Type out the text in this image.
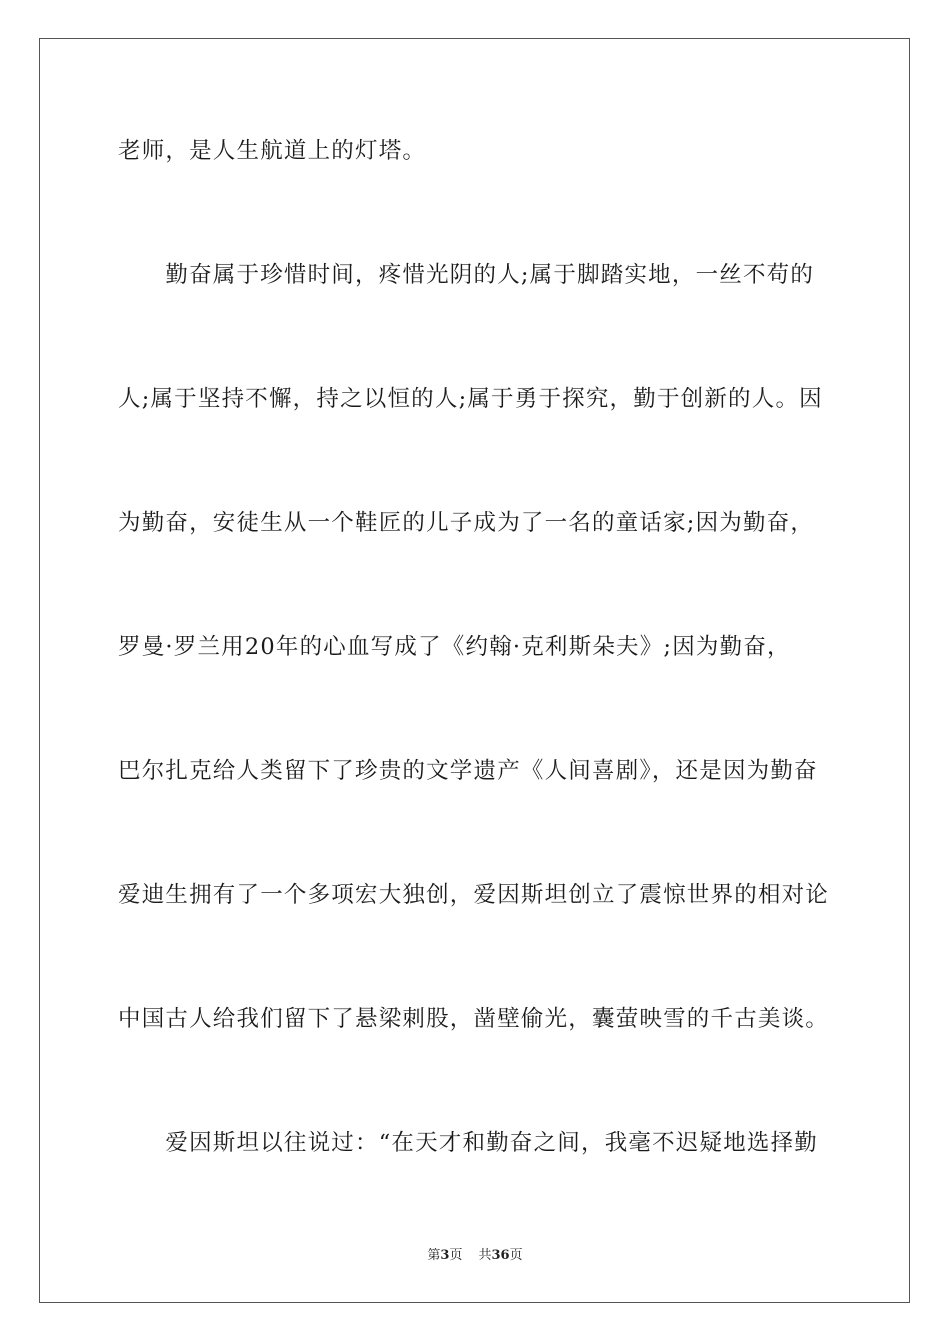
老师，是人生航道上的灯塔。
　　勤奋属于珍惜时间，疼惜光阴的人;属于脚踏实地，一丝不苟的
人;属于坚持不懈，持之以恒的人;属于勇于探究，勤于创新的人。因
为勤奋，安徒生从一个鞋匠的儿子成为了一名的童话家;因为勤奋，
罗曼·罗兰用20年的心血写成了《约翰·克利斯朵夫》;因为勤奋，
巴尔扎克给人类留下了珍贵的文学遗产《人间喜剧》，还是因为勤奋
爱迪生拥有了一个多项宏大独创，爱因斯坦创立了震惊世界的相对论
中国古人给我们留下了悬梁刺股，凿壁偷光，囊萤映雪的千古美谈。
　　爱因斯坦以往说过：“在天才和勤奋之间，我毫不迟疑地选择勤
第3页 共36页
